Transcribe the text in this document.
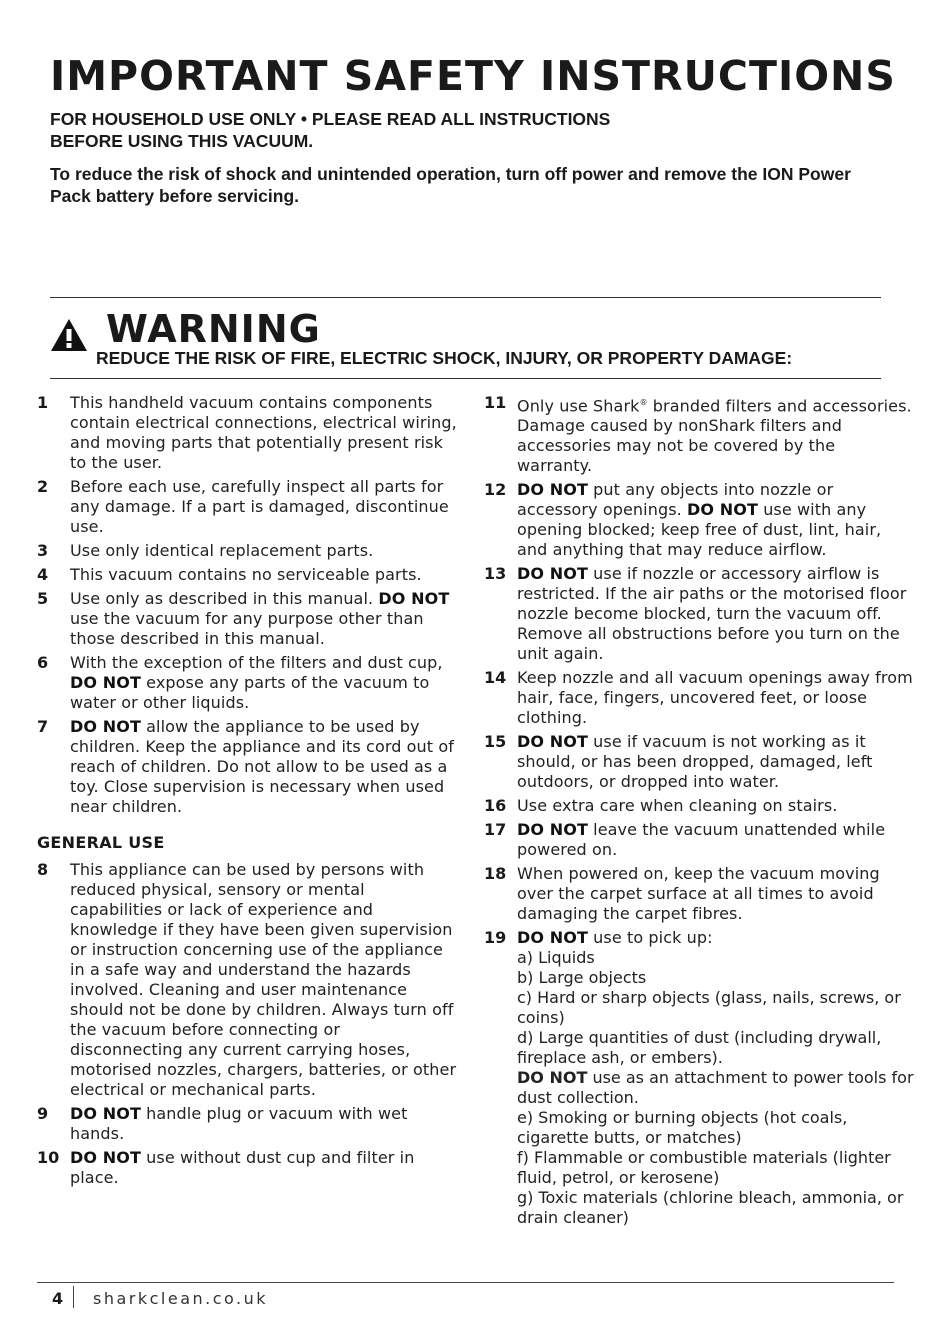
IMPORTANT SAFETY INSTRUCTIONS
FOR HOUSEHOLD USE ONLY • PLEASE READ ALL INSTRUCTIONS
BEFORE USING THIS VACUUM.

To reduce the risk of shock and unintended operation, turn off power and remove the ION Power Pack battery before servicing.

WARNING
REDUCE THE RISK OF FIRE, ELECTRIC SHOCK, INJURY, OR PROPERTY DAMAGE:
1 This handheld vacuum contains components contain electrical connections, electrical wiring, and moving parts that potentially present risk to the user.
2 Before each use, carefully inspect all parts for any damage. If a part is damaged, discontinue use.
3 Use only identical replacement parts.
4 This vacuum contains no serviceable parts.
5 Use only as described in this manual. DO NOT use the vacuum for any purpose other than those described in this manual.
6 With the exception of the filters and dust cup, DO NOT expose any parts of the vacuum to water or other liquids.
7 DO NOT allow the appliance to be used by children. Keep the appliance and its cord out of reach of children. Do not allow to be used as a toy. Close supervision is necessary when used near children.
GENERAL USE
8 This appliance can be used by persons with reduced physical, sensory or mental capabilities or lack of experience and knowledge if they have been given supervision or instruction concerning use of the appliance in a safe way and understand the hazards involved. Cleaning and user maintenance should not be done by children. Always turn off the vacuum before connecting or disconnecting any current carrying hoses, motorised nozzles, chargers, batteries, or other electrical or mechanical parts.
9 DO NOT handle plug or vacuum with wet hands.
10 DO NOT use without dust cup and filter in place.
11 Only use Shark® branded filters and accessories. Damage caused by nonShark filters and accessories may not be covered by the warranty.
12 DO NOT put any objects into nozzle or accessory openings. DO NOT use with any opening blocked; keep free of dust, lint, hair, and anything that may reduce airflow.
13 DO NOT use if nozzle or accessory airflow is restricted. If the air paths or the motorised floor nozzle become blocked, turn the vacuum off. Remove all obstructions before you turn on the unit again.
14 Keep nozzle and all vacuum openings away from hair, face, fingers, uncovered feet, or loose clothing.
15 DO NOT use if vacuum is not working as it should, or has been dropped, damaged, left outdoors, or dropped into water.
16 Use extra care when cleaning on stairs.
17 DO NOT leave the vacuum unattended while powered on.
18 When powered on, keep the vacuum moving over the carpet surface at all times to avoid damaging the carpet fibres.
19 DO NOT use to pick up:
a) Liquids
b) Large objects
c) Hard or sharp objects (glass, nails, screws, or coins)
d) Large quantities of dust (including drywall, fireplace ash, or embers).
DO NOT use as an attachment to power tools for dust collection.
e) Smoking or burning objects (hot coals, cigarette butts, or matches)
f) Flammable or combustible materials (lighter fluid, petrol, or kerosene)
g) Toxic materials (chlorine bleach, ammonia, or drain cleaner)
4 sharkclean.co.uk
